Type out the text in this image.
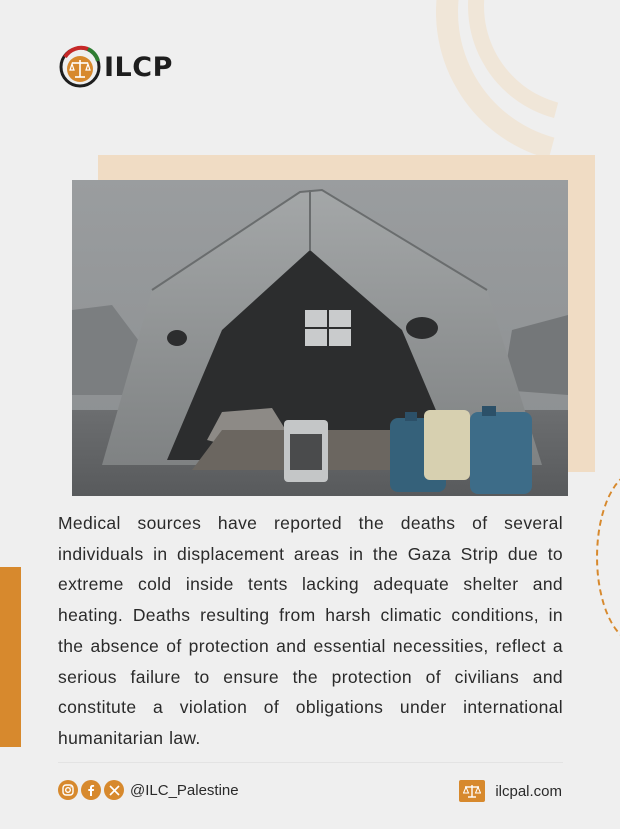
ILCP

Medical sources have reported the deaths of several individuals in displacement areas in the Gaza Strip due to extreme cold inside tents lacking adequate shelter and heating. Deaths resulting from harsh climatic conditions, in the absence of protection and essential necessities, reflect a serious failure to ensure the protection of civilians and constitute a violation of obligations under international humanitarian law.

@ILC_Palestine	ilcpal.com
